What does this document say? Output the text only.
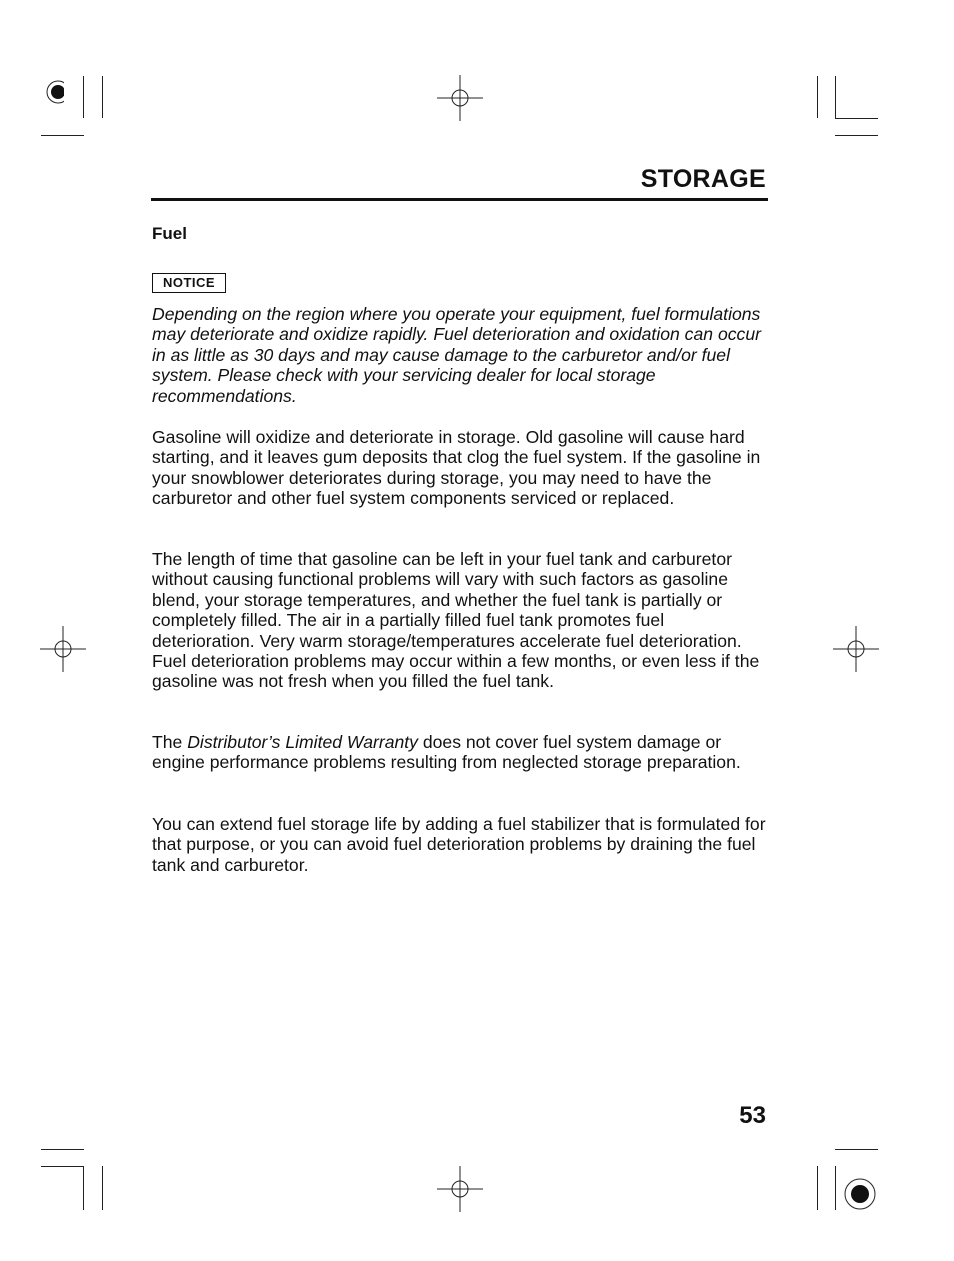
STORAGE
Fuel
NOTICE

Depending on the region where you operate your equipment, fuel formulations may deteriorate and oxidize rapidly. Fuel deterioration and oxidation can occur in as little as 30 days and may cause damage to the carburetor and/or fuel system. Please check with your servicing dealer for local storage recommendations.

Gasoline will oxidize and deteriorate in storage. Old gasoline will cause hard starting, and it leaves gum deposits that clog the fuel system. If the gasoline in your snowblower deteriorates during storage, you may need to have the carburetor and other fuel system components serviced or replaced.

The length of time that gasoline can be left in your fuel tank and carburetor without causing functional problems will vary with such factors as gasoline blend, your storage temperatures, and whether the fuel tank is partially or completely filled. The air in a partially filled fuel tank promotes fuel deterioration. Very warm storage/temperatures accelerate fuel deterioration. Fuel deterioration problems may occur within a few months, or even less if the gasoline was not fresh when you filled the fuel tank.

The Distributor’s Limited Warranty does not cover fuel system damage or engine performance problems resulting from neglected storage preparation.

You can extend fuel storage life by adding a fuel stabilizer that is formulated for that purpose, or you can avoid fuel deterioration problems by draining the fuel tank and carburetor.

53
